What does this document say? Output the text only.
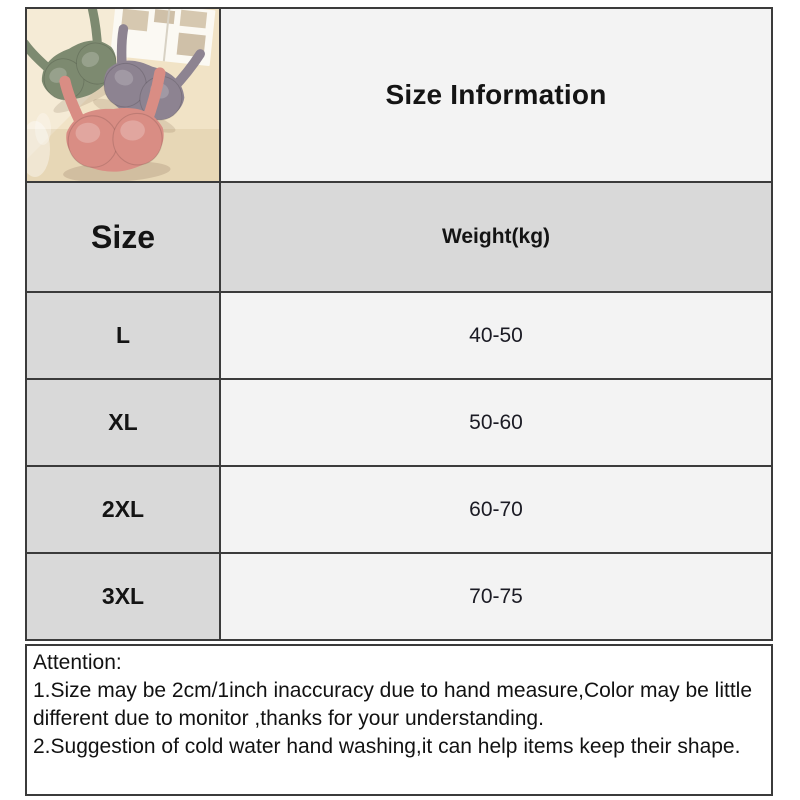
Size Information
Size	Weight(kg)
L	40-50
XL	50-60
2XL	60-70
3XL	70-75
Attention:
1.Size may be 2cm/1inch inaccuracy due to hand measure,Color may be little different due to monitor ,thanks for your understanding.
2.Suggestion of cold water hand washing,it can help items keep their shape.
